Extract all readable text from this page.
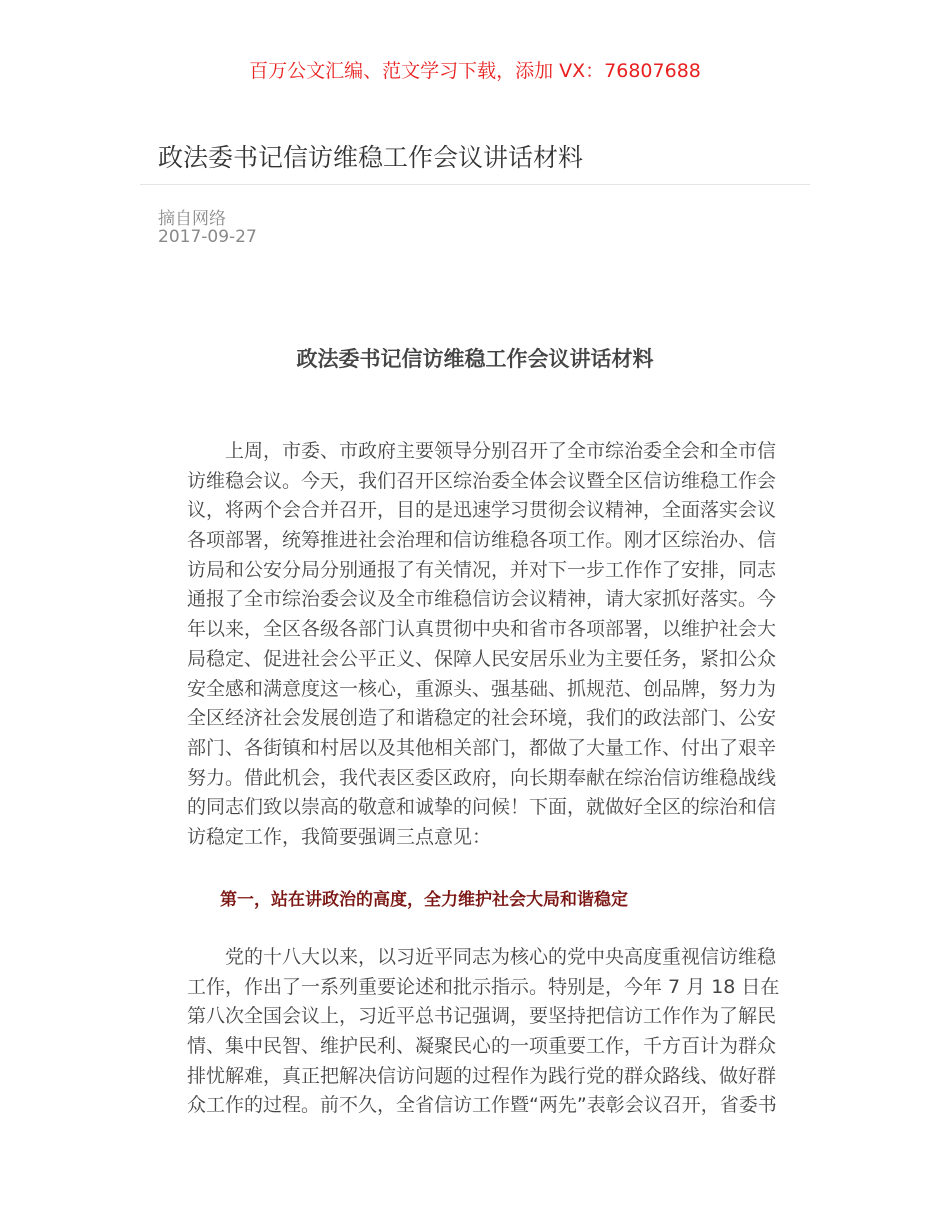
百万公文汇编、范文学习下载，添加 VX：76807688
政法委书记信访维稳工作会议讲话材料
摘自网络
2017-09-27
政法委书记信访维稳工作会议讲话材料
　　上周，市委、市政府主要领导分别召开了全市综治委全会和全市信
访维稳会议。今天，我们召开区综治委全体会议暨全区信访维稳工作会
议，将两个会合并召开，目的是迅速学习贯彻会议精神，全面落实会议
各项部署，统筹推进社会治理和信访维稳各项工作。刚才区综治办、信
访局和公安分局分别通报了有关情况，并对下一步工作作了安排，同志
通报了全市综治委会议及全市维稳信访会议精神，请大家抓好落实。今
年以来，全区各级各部门认真贯彻中央和省市各项部署，以维护社会大
局稳定、促进社会公平正义、保障人民安居乐业为主要任务，紧扣公众
安全感和满意度这一核心，重源头、强基础、抓规范、创品牌，努力为
全区经济社会发展创造了和谐稳定的社会环境，我们的政法部门、公安
部门、各街镇和村居以及其他相关部门，都做了大量工作、付出了艰辛
努力。借此机会，我代表区委区政府，向长期奉献在综治信访维稳战线
的同志们致以崇高的敬意和诚挚的问候！下面，就做好全区的综治和信
访稳定工作，我简要强调三点意见：
第一，站在讲政治的高度，全力维护社会大局和谐稳定
　　党的十八大以来，以习近平同志为核心的党中央高度重视信访维稳
工作，作出了一系列重要论述和批示指示。特别是，今年 7 月 18 日在
第八次全国会议上，习近平总书记强调，要坚持把信访工作作为了解民
情、集中民智、维护民利、凝聚民心的一项重要工作，千方百计为群众
排忧解难，真正把解决信访问题的过程作为践行党的群众路线、做好群
众工作的过程。前不久，全省信访工作暨“两先”表彰会议召开，省委书
